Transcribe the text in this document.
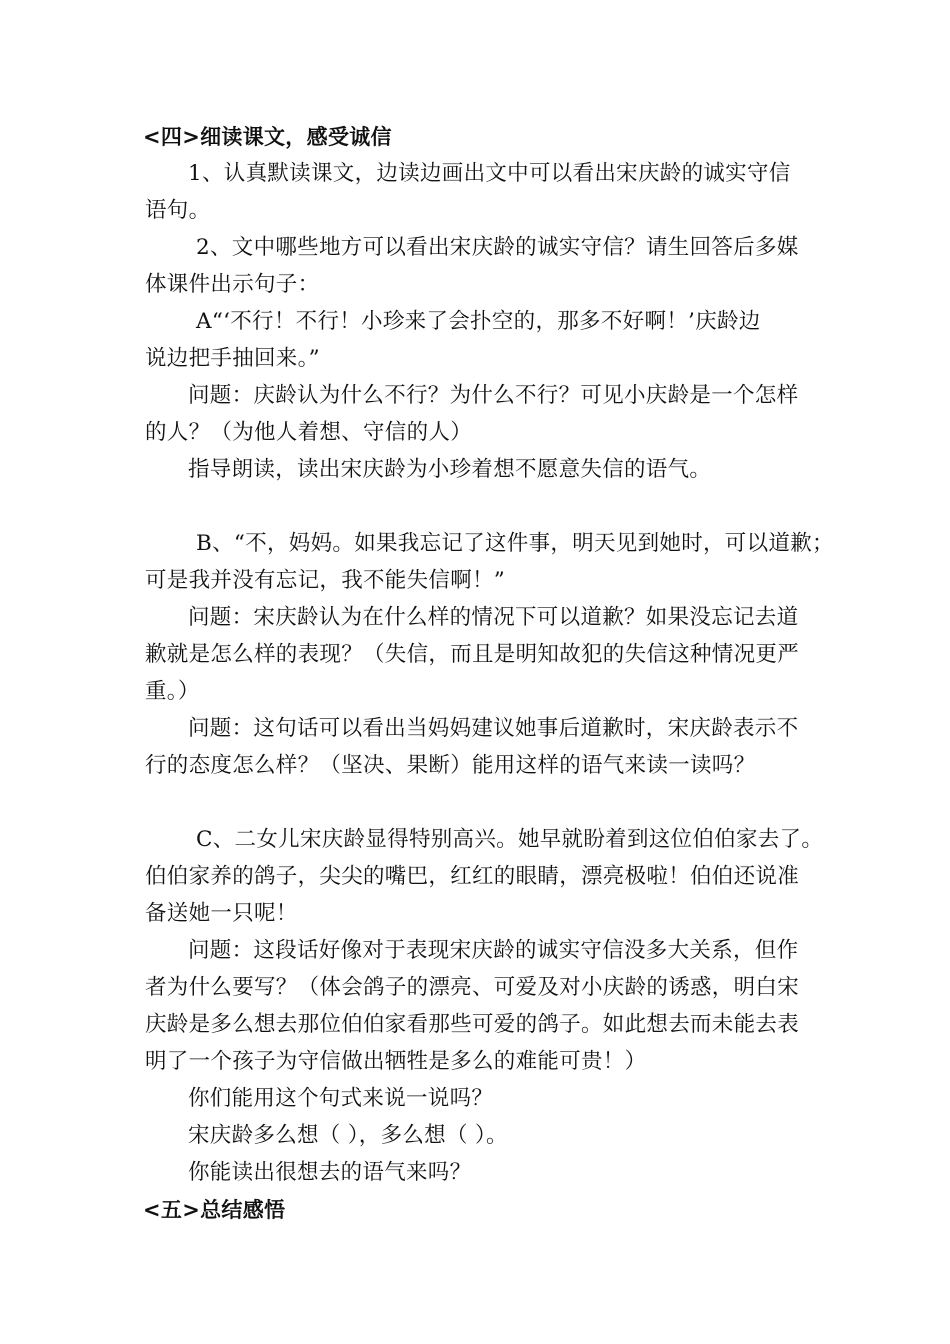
<四>细读课文，感受诚信
1、认真默读课文，边读边画出文中可以看出宋庆龄的诚实守信
语句。
2、文中哪些地方可以看出宋庆龄的诚实守信？请生回答后多媒
体课件出示句子：
A“‘不行！不行！小珍来了会扑空的，那多不好啊！’庆龄边
说边把手抽回来。”
问题：庆龄认为什么不行？为什么不行？可见小庆龄是一个怎样
的人？（为他人着想、守信的人）
指导朗读，读出宋庆龄为小珍着想不愿意失信的语气。
B、“不，妈妈。如果我忘记了这件事，明天见到她时，可以道歉；
可是我并没有忘记，我不能失信啊！”
问题：宋庆龄认为在什么样的情况下可以道歉？如果没忘记去道
歉就是怎么样的表现？（失信，而且是明知故犯的失信这种情况更严
重。）
问题：这句话可以看出当妈妈建议她事后道歉时，宋庆龄表示不
行的态度怎么样？（坚决、果断）能用这样的语气来读一读吗？
C、二女儿宋庆龄显得特别高兴。她早就盼着到这位伯伯家去了。
伯伯家养的鸽子，尖尖的嘴巴，红红的眼睛，漂亮极啦！伯伯还说准
备送她一只呢！
问题：这段话好像对于表现宋庆龄的诚实守信没多大关系，但作
者为什么要写？（体会鸽子的漂亮、可爱及对小庆龄的诱惑，明白宋
庆龄是多么想去那位伯伯家看那些可爱的鸽子。如此想去而未能去表
明了一个孩子为守信做出牺牲是多么的难能可贵！）
你们能用这个句式来说一说吗？
宋庆龄多么想（ ），多么想（ ）。
你能读出很想去的语气来吗？
<五>总结感悟
